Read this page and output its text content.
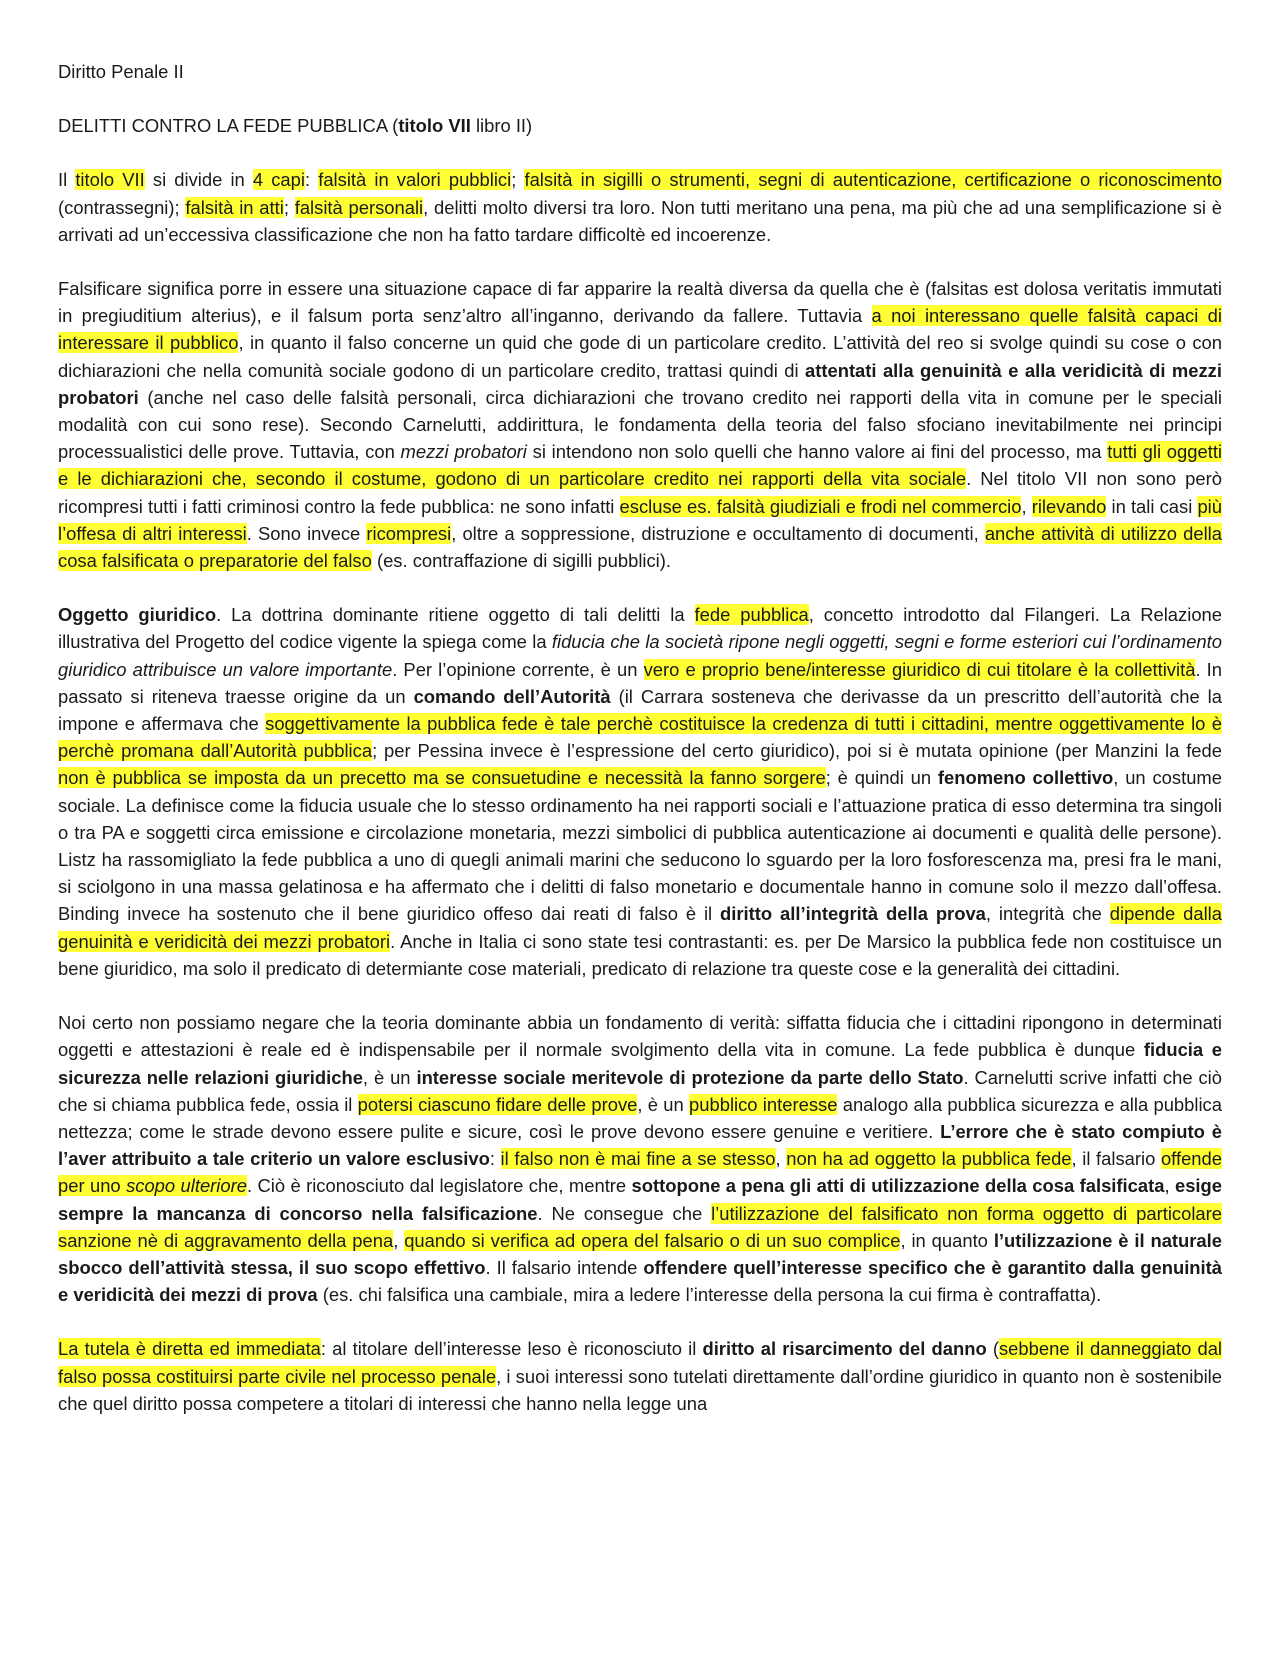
Diritto Penale II

DELITTI CONTRO LA FEDE PUBBLICA (titolo VII libro II)

Il titolo VII si divide in 4 capi: falsità in valori pubblici; falsità in sigilli o strumenti, segni di autenticazione, certificazione o riconoscimento (contrassegni); falsità in atti; falsità personali, delitti molto diversi tra loro. Non tutti meritano una pena, ma più che ad una semplificazione si è arrivati ad un’eccessiva classificazione che non ha fatto tardare difficoltè ed incoerenze.

Falsificare significa porre in essere una situazione capace di far apparire la realtà diversa da quella che è (falsitas est dolosa veritatis immutati in pregiuditium alterius), e il falsum porta senz’altro all’inganno, derivando da fallere. Tuttavia a noi interessano quelle falsità capaci di interessare il pubblico, in quanto il falso concerne un quid che gode di un particolare credito. L’attività del reo si svolge quindi su cose o con dichiarazioni che nella comunità sociale godono di un particolare credito, trattasi quindi di attentati alla genuinità e alla veridicità di mezzi probatori (anche nel caso delle falsità personali, circa dichiarazioni che trovano credito nei rapporti della vita in comune per le speciali modalità con cui sono rese). Secondo Carnelutti, addirittura, le fondamenta della teoria del falso sfociano inevitabilmente nei principi processualistici delle prove. Tuttavia, con mezzi probatori si intendono non solo quelli che hanno valore ai fini del processo, ma tutti gli oggetti e le dichiarazioni che, secondo il costume, godono di un particolare credito nei rapporti della vita sociale. Nel titolo VII non sono però ricompresi tutti i fatti criminosi contro la fede pubblica: ne sono infatti escluse es. falsità giudiziali e frodi nel commercio, rilevando in tali casi più l’offesa di altri interessi. Sono invece ricompresi, oltre a soppressione, distruzione e occultamento di documenti, anche attività di utilizzo della cosa falsificata o preparatorie del falso (es. contraffazione di sigilli pubblici).

Oggetto giuridico. La dottrina dominante ritiene oggetto di tali delitti la fede pubblica, concetto introdotto dal Filangeri. La Relazione illustrativa del Progetto del codice vigente la spiega come la fiducia che la società ripone negli oggetti, segni e forme esteriori cui l’ordinamento giuridico attribuisce un valore importante. Per l’opinione corrente, è un vero e proprio bene/interesse giuridico di cui titolare è la collettività. In passato si riteneva traesse origine da un comando dell’Autorità (il Carrara sosteneva che derivasse da un prescritto dell’autorità che la impone e affermava che soggettivamente la pubblica fede è tale perchè costituisce la credenza di tutti i cittadini, mentre oggettivamente lo è perchè promana dall’Autorità pubblica; per Pessina invece è l’espressione del certo giuridico), poi si è mutata opinione (per Manzini la fede non è pubblica se imposta da un precetto ma se consuetudine e necessità la fanno sorgere; è quindi un fenomeno collettivo, un costume sociale. La definisce come la fiducia usuale che lo stesso ordinamento ha nei rapporti sociali e l’attuazione pratica di esso determina tra singoli o tra PA e soggetti circa emissione e circolazione monetaria, mezzi simbolici di pubblica autenticazione ai documenti e qualità delle persone). Listz ha rassomigliato la fede pubblica a uno di quegli animali marini che seducono lo sguardo per la loro fosforescenza ma, presi fra le mani, si sciolgono in una massa gelatinosa e ha affermato che i delitti di falso monetario e documentale hanno in comune solo il mezzo dall’offesa. Binding invece ha sostenuto che il bene giuridico offeso dai reati di falso è il diritto all’integrità della prova, integrità che dipende dalla genuinità e veridicità dei mezzi probatori. Anche in Italia ci sono state tesi contrastanti: es. per De Marsico la pubblica fede non costituisce un bene giuridico, ma solo il predicato di determiante cose materiali, predicato di relazione tra queste cose e la generalità dei cittadini.

Noi certo non possiamo negare che la teoria dominante abbia un fondamento di verità: siffatta fiducia che i cittadini ripongono in determinati oggetti e attestazioni è reale ed è indispensabile per il normale svolgimento della vita in comune. La fede pubblica è dunque fiducia e sicurezza nelle relazioni giuridiche, è un interesse sociale meritevole di protezione da parte dello Stato. Carnelutti scrive infatti che ciò che si chiama pubblica fede, ossia il potersi ciascuno fidare delle prove, è un pubblico interesse analogo alla pubblica sicurezza e alla pubblica nettezza; come le strade devono essere pulite e sicure, così le prove devono essere genuine e veritiere. L’errore che è stato compiuto è l’aver attribuito a tale criterio un valore esclusivo: il falso non è mai fine a se stesso, non ha ad oggetto la pubblica fede, il falsario offende per uno scopo ulteriore. Ciò è riconosciuto dal legislatore che, mentre sottopone a pena gli atti di utilizzazione della cosa falsificata, esige sempre la mancanza di concorso nella falsificazione. Ne consegue che l’utilizzazione del falsificato non forma oggetto di particolare sanzione nè di aggravamento della pena, quando si verifica ad opera del falsario o di un suo complice, in quanto l’utilizzazione è il naturale sbocco dell’attività stessa, il suo scopo effettivo. Il falsario intende offendere quell’interesse specifico che è garantito dalla genuinità e veridicità dei mezzi di prova (es. chi falsifica una cambiale, mira a ledere l’interesse della persona la cui firma è contraffatta).

La tutela è diretta ed immediata: al titolare dell’interesse leso è riconosciuto il diritto al risarcimento del danno (sebbene il danneggiato dal falso possa costituirsi parte civile nel processo penale, i suoi interessi sono tutelati direttamente dall’ordine giuridico in quanto non è sostenibile che quel diritto possa competere a titolari di interessi che hanno nella legge una
